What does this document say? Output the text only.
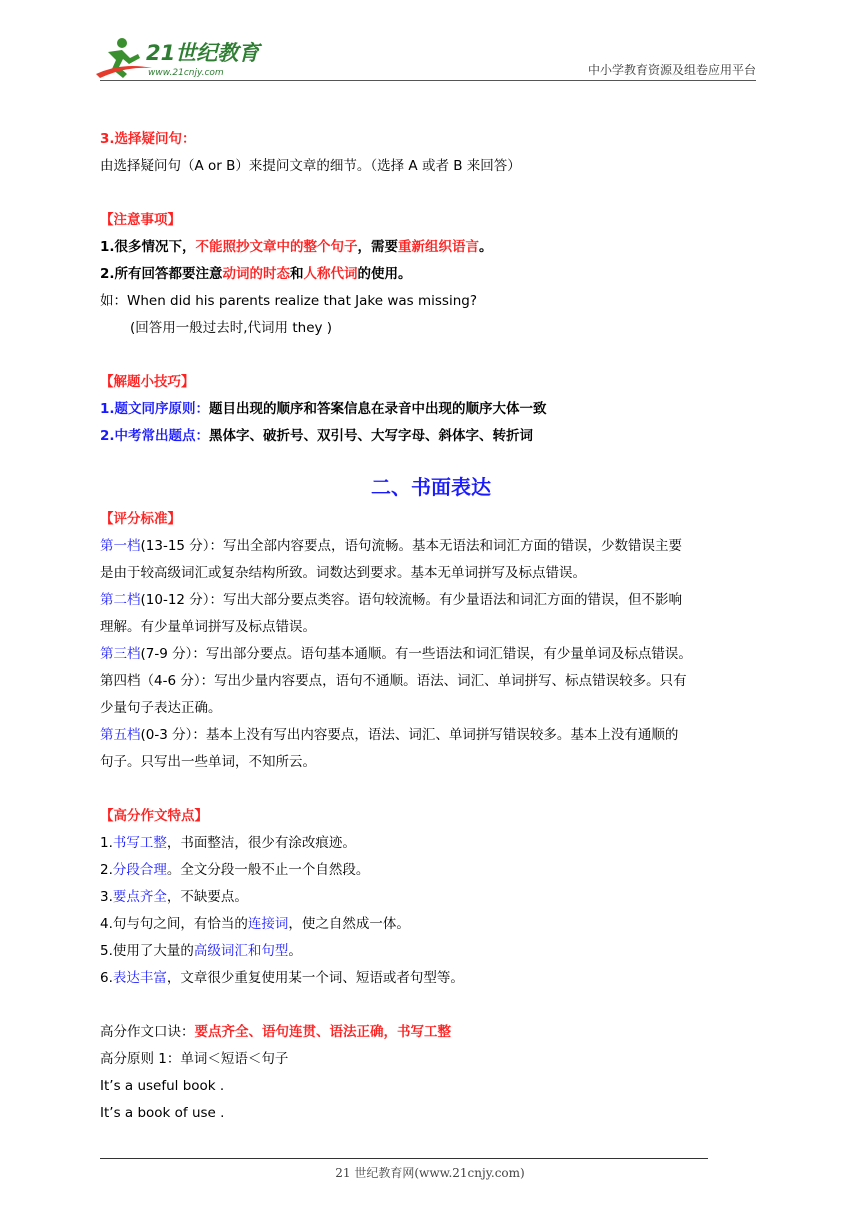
21世纪教育
www.21cnjy.com	中小学教育资源及组卷应用平台
3.选择疑问句：
由选择疑问句（A or B）来提问文章的细节。（选择 A 或者 B 来回答）
【注意事项】
1.很多情况下，不能照抄文章中的整个句子，需要重新组织语言。
2.所有回答都要注意动词的时态和人称代词的使用。
如：When did his parents realize that Jake was missing?
(回答用一般过去时,代词用 they )
【解题小技巧】
1.题文同序原则：题目出现的顺序和答案信息在录音中出现的顺序大体一致
2.中考常出题点：黑体字、破折号、双引号、大写字母、斜体字、转折词
二、书面表达
【评分标准】
第一档(13-15 分）：写出全部内容要点，语句流畅。基本无语法和词汇方面的错误，少数错误主要
是由于较高级词汇或复杂结构所致。词数达到要求。基本无单词拼写及标点错误。
第二档(10-12 分）：写出大部分要点类容。语句较流畅。有少量语法和词汇方面的错误，但不影响
理解。有少量单词拼写及标点错误。
第三档(7-9 分）：写出部分要点。语句基本通顺。有一些语法和词汇错误，有少量单词及标点错误。
第四档（4-6 分）：写出少量内容要点，语句不通顺。语法、词汇、单词拼写、标点错误较多。只有
少量句子表达正确。
第五档(0-3 分）：基本上没有写出内容要点，语法、词汇、单词拼写错误较多。基本上没有通顺的
句子。只写出一些单词，不知所云。
【高分作文特点】
1.书写工整，书面整洁，很少有涂改痕迹。
2.分段合理。全文分段一般不止一个自然段。
3.要点齐全，不缺要点。
4.句与句之间，有恰当的连接词，使之自然成一体。
5.使用了大量的高级词汇和句型。
6.表达丰富，文章很少重复使用某一个词、短语或者句型等。
高分作文口诀：要点齐全、语句连贯、语法正确，书写工整
高分原则 1：单词＜短语＜句子
It’s a useful book .
It’s a book of use .
21 世纪教育网(www.21cnjy.com)
